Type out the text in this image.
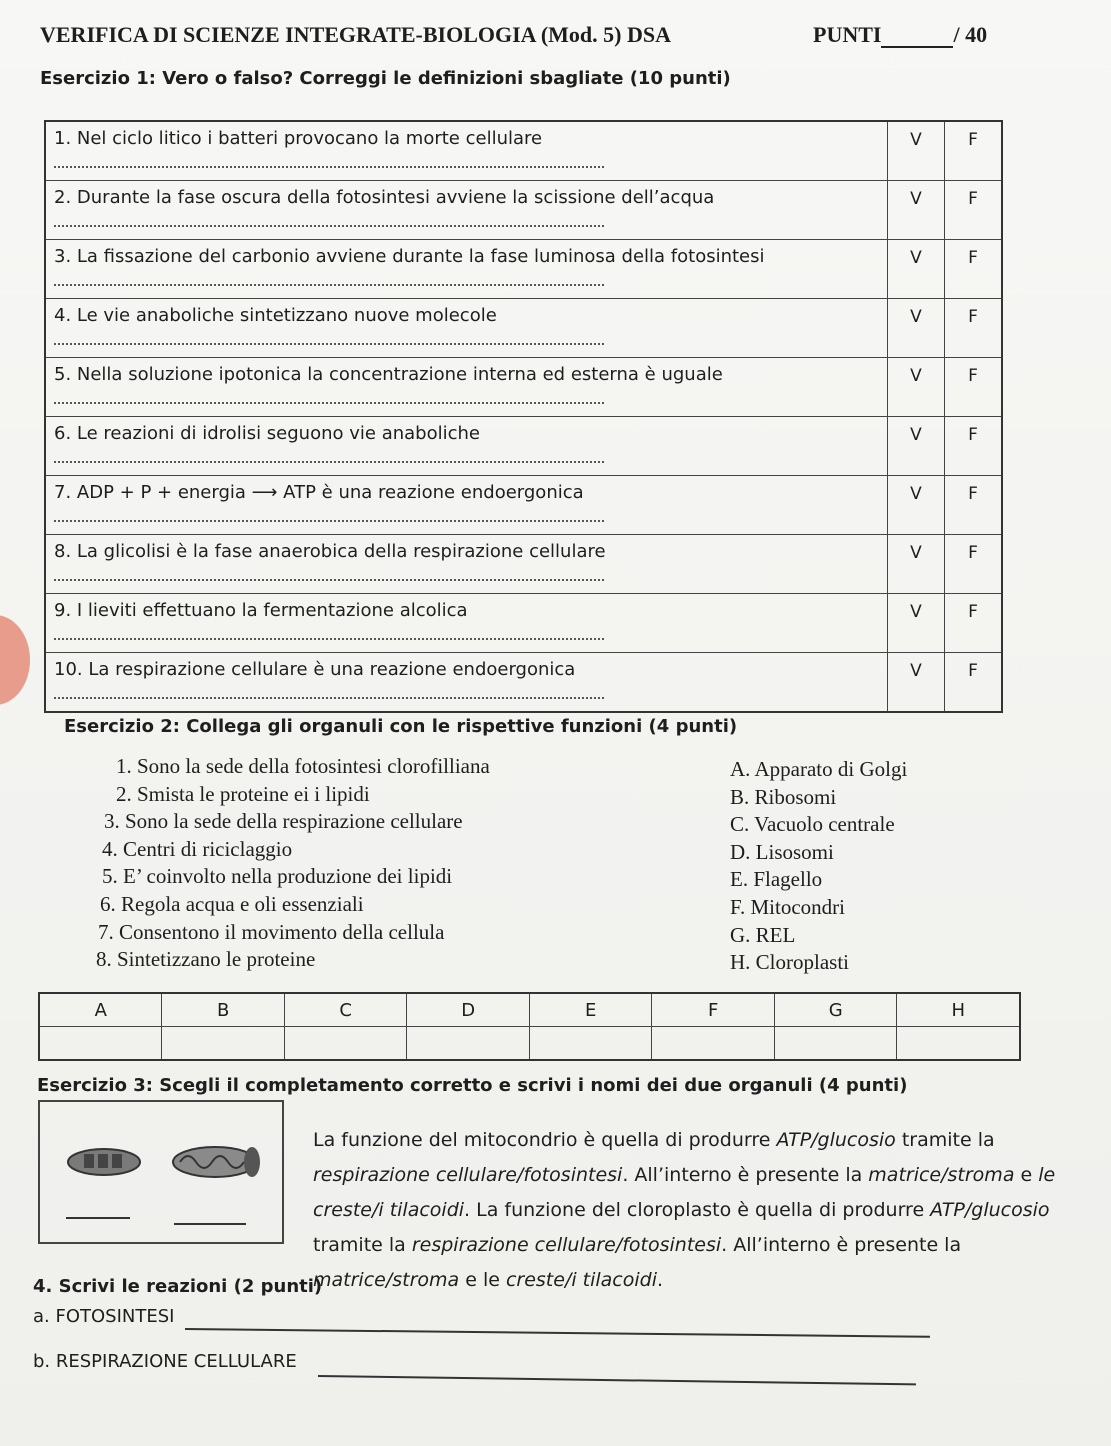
VERIFICA DI SCIENZE INTEGRATE-BIOLOGIA (Mod. 5) DSA	PUNTI	/ 40
Esercizio 1: Vero o falso? Correggi le definizioni sbagliate (10 punti)
1. Nel ciclo litico i batteri provocano la morte cellulare	V	F
2. Durante la fase oscura della fotosintesi avviene la scissione dell’acqua	V	F
3. La fissazione del carbonio avviene durante la fase luminosa della fotosintesi	V	F
4. Le vie anaboliche sintetizzano nuove molecole	V	F
5. Nella soluzione ipotonica la concentrazione interna ed esterna è uguale	V	F
6. Le reazioni di idrolisi seguono vie anaboliche	V	F
7. ADP + P + energia ⟶ ATP è una reazione endoergonica	V	F
8. La glicolisi è la fase anaerobica della respirazione cellulare	V	F
9. I lieviti effettuano la fermentazione alcolica	V	F
10. La respirazione cellulare è una reazione endoergonica	V	F
Esercizio 2: Collega gli organuli con le rispettive funzioni (4 punti)
1. Sono la sede della fotosintesi clorofilliana
2. Smista le proteine ei i lipidi
3. Sono la sede della respirazione cellulare
4. Centri di riciclaggio
5. E’ coinvolto nella produzione dei lipidi
6. Regola acqua e oli essenziali
7. Consentono il movimento della cellula
8. Sintetizzano le proteine
A. Apparato di Golgi
B. Ribosomi
C. Vacuolo centrale
D. Lisosomi
E. Flagello
F. Mitocondri
G. REL
H. Cloroplasti
A	B	C	D	E	F	G	H

Esercizio 3: Scegli il completamento corretto e scrivi i nomi dei due organuli (4 punti)
La funzione del mitocondrio è quella di produrre ATP/glucosio tramite la respirazione cellulare/fotosintesi. All’interno è presente la matrice/stroma e le creste/i tilacoidi. La funzione del cloroplasto è quella di produrre ATP/glucosio tramite la respirazione cellulare/fotosintesi. All’interno è presente la matrice/stroma e le creste/i tilacoidi.
4. Scrivi le reazioni (2 punti)
a. FOTOSINTESI
b. RESPIRAZIONE CELLULARE
